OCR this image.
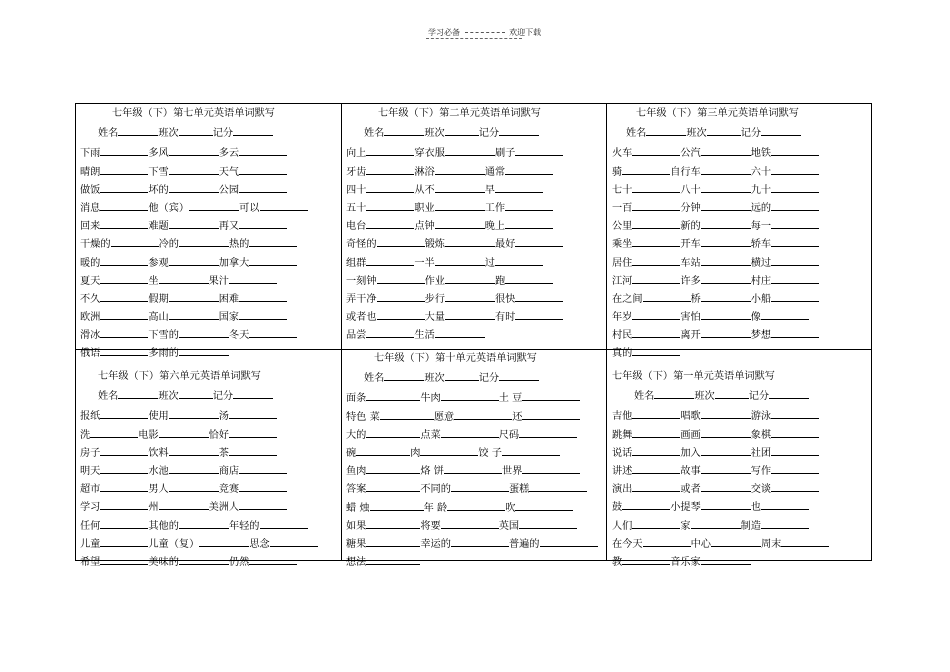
学习必备	欢迎下载
七年级（下）第七单元英语单词默写
姓名	班次	记分
下雨	多风	多云
晴朗	下雪	天气
做饭	坏的	公园
消息	他（宾）	可以
回来	难题	再又
干燥的	冷的	热的
暖的	参观	加拿大
夏天	坐	果汁
不久	假期	困难
欧洲	高山	国家
滑冰	下雪的	冬天
俄语	多雨的
七年级（下）第二单元英语单词默写
姓名	班次	记分
向上	穿衣服	刷子
牙齿	淋浴	通常
四十	从不	早
五十	职业	工作
电台	点钟	晚上
奇怪的	锻炼	最好
组群	一半	过
一刻钟	作业	跑
弄干净	步行	很快
或者也	大量	有时
品尝	生活
七年级（下）第三单元英语单词默写
姓名	班次	记分
火车	公汽	地铁
骑	自行车	六十
七十	八十	九十
一百	分钟	远的
公里	新的	每一
乘坐	开车	轿车
居住	车站	横过
江河	许多	村庄
在之间	桥	小船
年岁	害怕	像
村民	离开	梦想
真的
七年级（下）第六单元英语单词默写
姓名	班次	记分
报纸	使用	汤
洗	电影	恰好
房子	饮料	茶
明天	水池	商店
超市	男人	竞赛
学习	州	美洲人
任何	其他的	年轻的
儿童	儿童（复）	思念
希望	美味的	仍然
七年级（下）第十单元英语单词默写
姓名	班次	记分
面条	牛肉	土 豆
特色 菜	愿意	还
大的	点菜	尺码
碗	肉	饺 子
鱼肉	烙 饼	世界
答案	不同的	蛋糕
蜡 烛	年 龄	吹
如果	将要	英国
糖果	幸运的	普遍的
想法
七年级（下）第一单元英语单词默写
姓名	班次	记分
吉他	唱歌	游泳
跳舞	画画	象棋
说话	加入	社团
讲述	故事	写作
演出	或者	交谈
鼓	小提琴	也
人们	家	制造
在今天	中心	周末
教	音乐家
